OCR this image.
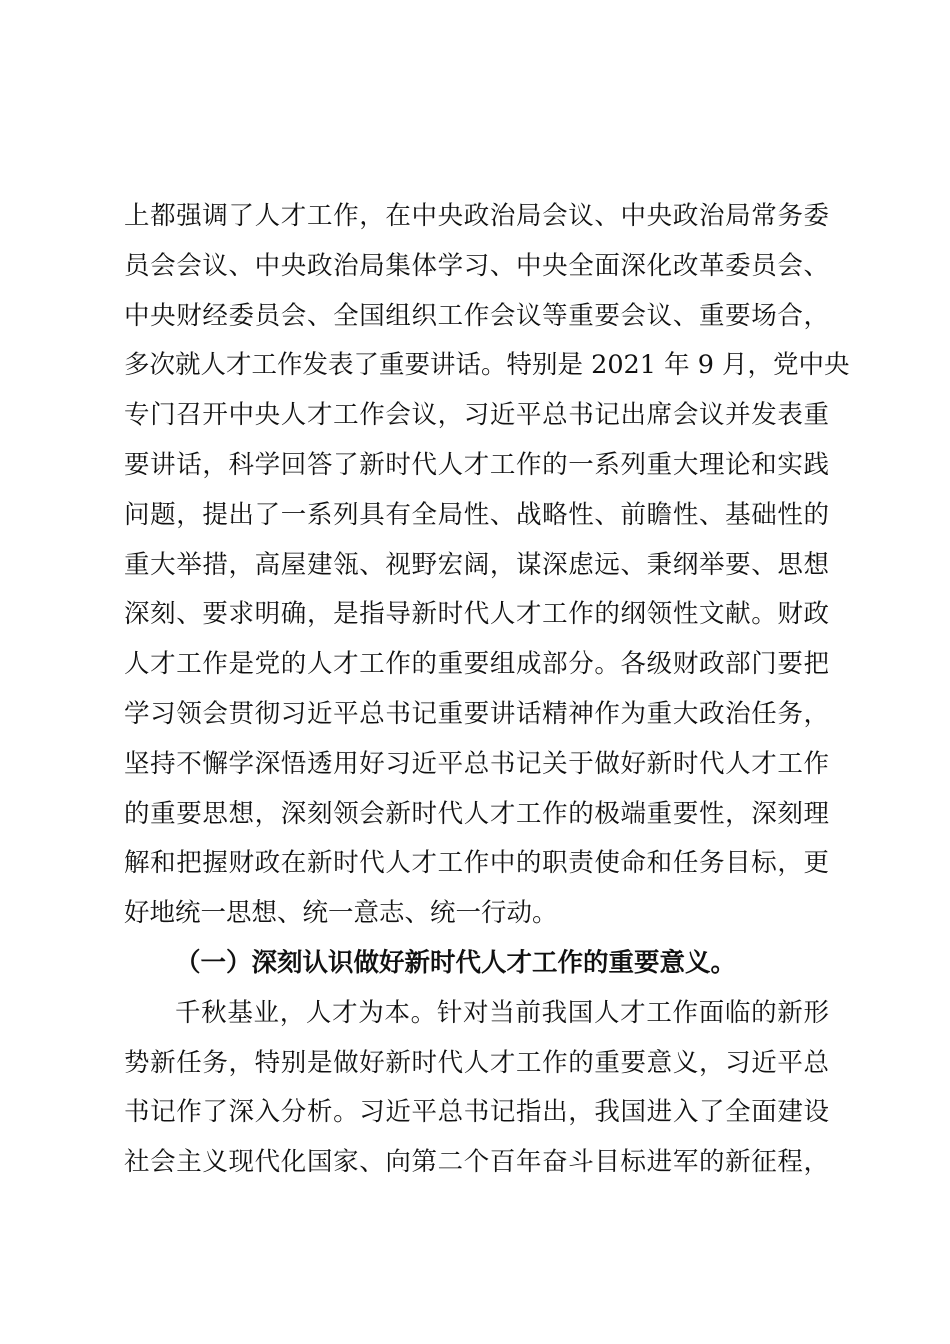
上都强调了人才工作，在中央政治局会议、中央政治局常务委
员会会议、中央政治局集体学习、中央全面深化改革委员会、
中央财经委员会、全国组织工作会议等重要会议、重要场合，
多次就人才工作发表了重要讲话。特别是 2021 年 9 月，党中央
专门召开中央人才工作会议，习近平总书记出席会议并发表重
要讲话，科学回答了新时代人才工作的一系列重大理论和实践
问题，提出了一系列具有全局性、战略性、前瞻性、基础性的
重大举措，高屋建瓴、视野宏阔，谋深虑远、秉纲举要、思想
深刻、要求明确，是指导新时代人才工作的纲领性文献。财政
人才工作是党的人才工作的重要组成部分。各级财政部门要把
学习领会贯彻习近平总书记重要讲话精神作为重大政治任务，
坚持不懈学深悟透用好习近平总书记关于做好新时代人才工作
的重要思想，深刻领会新时代人才工作的极端重要性，深刻理
解和把握财政在新时代人才工作中的职责使命和任务目标，更
好地统一思想、统一意志、统一行动。
（一）深刻认识做好新时代人才工作的重要意义。
千秋基业，人才为本。针对当前我国人才工作面临的新形
势新任务，特别是做好新时代人才工作的重要意义，习近平总
书记作了深入分析。习近平总书记指出，我国进入了全面建设
社会主义现代化国家、向第二个百年奋斗目标进军的新征程，
